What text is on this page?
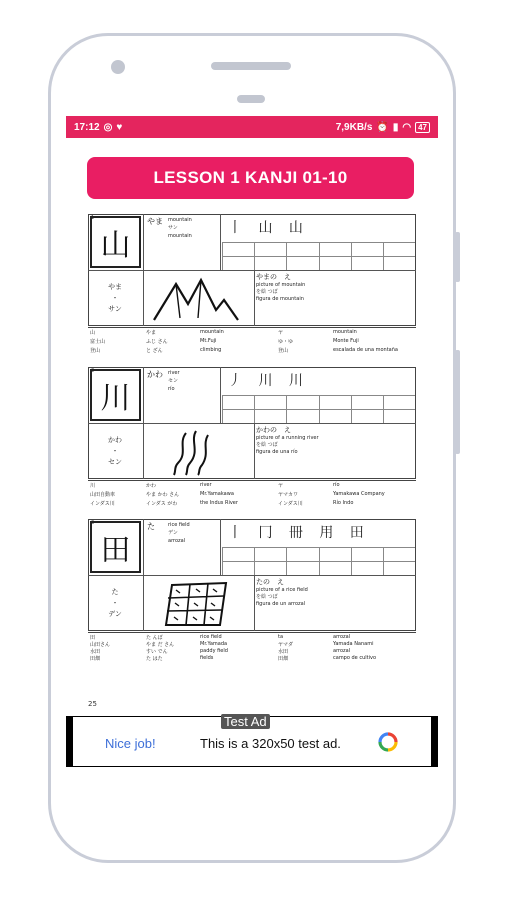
17:12 ◎ ♥	7,9KB/s ⏰ ▮ ◠ 47
LESSON 1 KANJI 01-10
1
山
やま mountain
サン
mountain	丨 山 山
やま
・
サン
やまの　え
picture of mountain
を絵 つぼ
figura de mountain
山	やま	mountain	ヤ	mountain
富士山	ふじ さん	Mt.Fuji	ゆ・ゆ	Monte Fuji
登山	と ざん	climbing	登山	escalada de una montaña
2
川
かわ river
セン
río	丿 川 川
かわ
・
セン
かわの　え
picture of a running river
を絵 つぼ
figura de una río
川	かわ	river	ヤ	río
山田自動車	やま かわ さん	Mr.Yamakawa	ヤマカワ	Yamakawa Company
インダス川	インダス がわ	the Indus River	インダス川	Río Indo
3
田
た	rice field
デン
arrozal	丨 冂 冊 用 田
た
・
デン
たの　え
picture of a rice field
を絵 つぼ
figura de un arrozal
田	た んぼ	rice field	ta	arrozal
山田さん	やま だ さん	Mr.Yamada	ヤマダ	Yamada Nanami
水田	すい でん	paddy field	水田	arrozal
田畑	た はた	fields	田畑	campo de cultivo
25
Nice job!	This is a 320x50 test ad.
Test Ad
